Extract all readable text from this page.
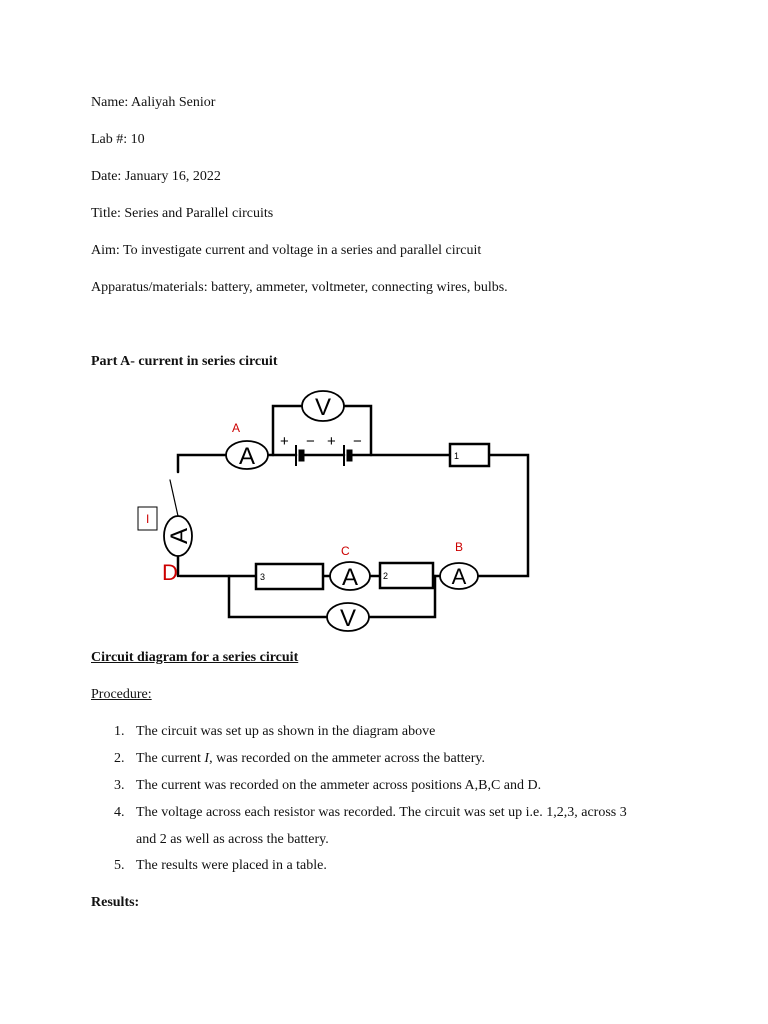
Name: Aaliyah Senior
Lab #: 10
Date: January 16, 2022
Title: Series and Parallel circuits
Aim: To investigate current and voltage in a series and parallel circuit
Apparatus/materials: battery, ammeter, voltmeter, connecting wires, bulbs.
Part A- current in series circuit
+ − + −
A
A
A
A
V
V
1
2
3
A
B
C
D
I
Circuit diagram for a series circuit
Procedure:
1. The circuit was set up as shown in the diagram above
2. The current I, was recorded on the ammeter across the battery.
3. The current was recorded on the ammeter across positions A,B,C and D.
4. The voltage across each resistor was recorded. The circuit was set up i.e. 1,2,3, across 3
and 2 as well as across the battery.
5. The results were placed in a table.
Results:
